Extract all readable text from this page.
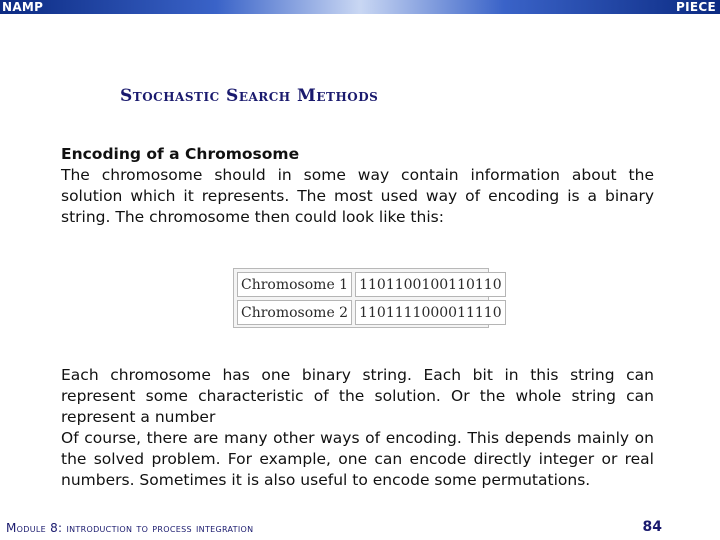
NAMP	PIECE
Stochastic Search Methods
Encoding of a Chromosome
The chromosome should in some way contain information about the solution which it represents. The most used way of encoding is a binary string. The chromosome then could look like this:
Chromosome 1	1101100100110110
Chromosome 2	1101111000011110
Each chromosome has one binary string. Each bit in this string can represent some characteristic of the solution. Or the whole string can represent a number
Of course, there are many other ways of encoding. This depends mainly on the solved problem. For example, one can encode directly integer or real numbers. Sometimes it is also useful to encode some permutations.
Module 8: introduction to process integration	84
